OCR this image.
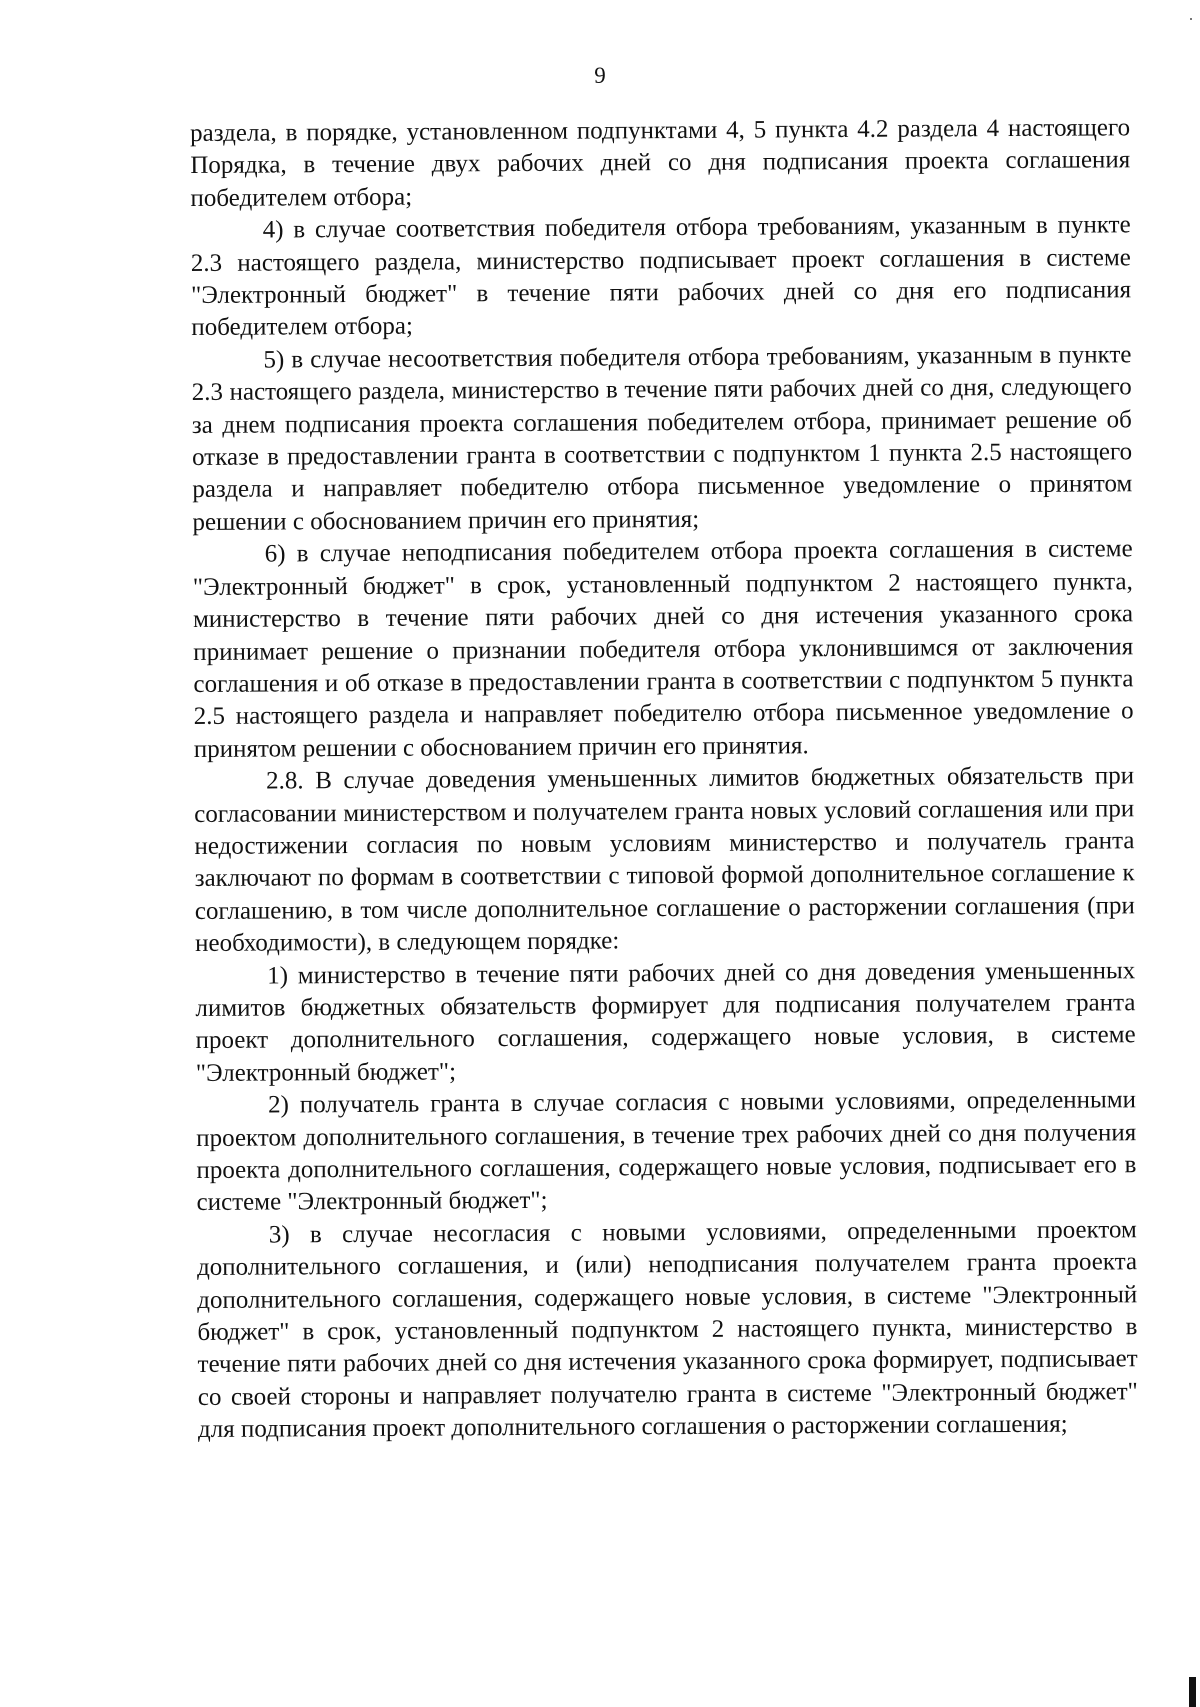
9

раздела, в порядке, установленном подпунктами 4, 5 пункта 4.2 раздела 4 настоящего Порядка, в течение двух рабочих дней со дня подписания проекта соглашения победителем отбора;

4) в случае соответствия победителя отбора требованиям, указанным в пункте 2.3 настоящего раздела, министерство подписывает проект соглашения в системе "Электронный бюджет" в течение пяти рабочих дней со дня его подписания победителем отбора;

5) в случае несоответствия победителя отбора требованиям, указанным в пункте 2.3 настоящего раздела, министерство в течение пяти рабочих дней со дня, следующего за днем подписания проекта соглашения победителем отбора, принимает решение об отказе в предоставлении гранта в соответствии с подпунктом 1 пункта 2.5 настоящего раздела и направляет победителю отбора письменное уведомление о принятом решении с обоснованием причин его принятия;

6) в случае неподписания победителем отбора проекта соглашения в системе "Электронный бюджет" в срок, установленный подпунктом 2 настоящего пункта, министерство в течение пяти рабочих дней со дня истечения указанного срока принимает решение о признании победителя отбора уклонившимся от заключения соглашения и об отказе в предоставлении гранта в соответствии с подпунктом 5 пункта 2.5 настоящего раздела и направляет победителю отбора письменное уведомление о принятом решении с обоснованием причин его принятия.

2.8. В случае доведения уменьшенных лимитов бюджетных обязательств при согласовании министерством и получателем гранта новых условий соглашения или при недостижении согласия по новым условиям министерство и получатель гранта заключают по формам в соответствии с типовой формой дополнительное соглашение к соглашению, в том числе дополнительное соглашение о расторжении соглашения (при необходимости), в следующем порядке:

1) министерство в течение пяти рабочих дней со дня доведения уменьшенных лимитов бюджетных обязательств формирует для подписания получателем гранта проект дополнительного соглашения, содержащего новые условия, в системе "Электронный бюджет";

2) получатель гранта в случае согласия с новыми условиями, определенными проектом дополнительного соглашения, в течение трех рабочих дней со дня получения проекта дополнительного соглашения, содержащего новые условия, подписывает его в системе "Электронный бюджет";

3) в случае несогласия с новыми условиями, определенными проектом дополнительного соглашения, и (или) неподписания получателем гранта проекта дополнительного соглашения, содержащего новые условия, в системе "Электронный бюджет" в срок, установленный подпунктом 2 настоящего пункта, министерство в течение пяти рабочих дней со дня истечения указанного срока формирует, подписывает со своей стороны и направляет получателю гранта в системе "Электронный бюджет" для подписания проект дополнительного соглашения о расторжении соглашения;
